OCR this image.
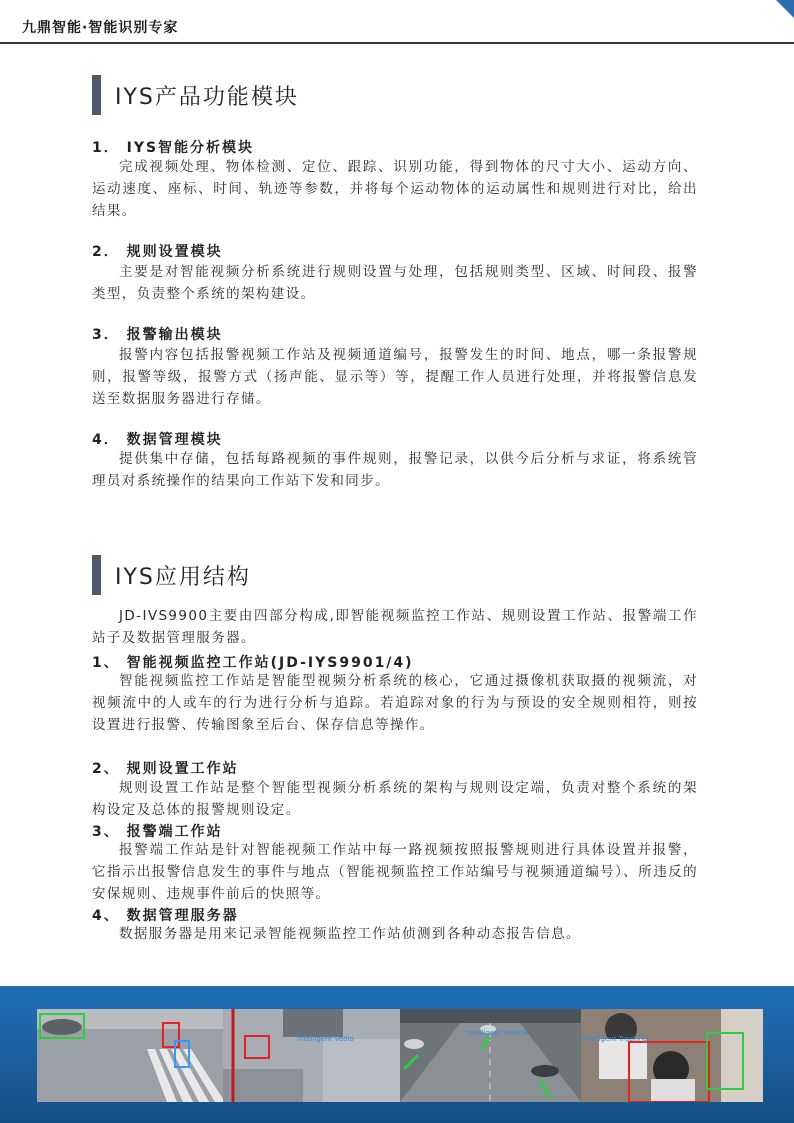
九鼎智能·智能识别专家
IYS产品功能模块
1． IYS智能分析模块

完成视频处理、物体检测、定位、跟踪、识别功能，得到物体的尺寸大小、运动方向、运动速度、座标、时间、轨迹等参数，并将每个运动物体的运动属性和规则进行对比，给出结果。

2． 规则设置模块

主要是对智能视频分析系统进行规则设置与处理，包括规则类型、区域、时间段、报警类型，负责整个系统的架构建设。

3． 报警输出模块

报警内容包括报警视频工作站及视频通道编号，报警发生的时间、地点，哪一条报警规则，报警等级，报警方式（扬声能、显示等）等，提醒工作人员进行处理，并将报警信息发送至数据服务器进行存储。

4． 数据管理模块

提供集中存储，包括每路视频的事件规则，报警记录，以供今后分析与求证，将系统管理员对系统操作的结果向工作站下发和同步。

IYS应用结构

JD-IVS9900主要由四部分构成,即智能视频监控工作站、规则设置工作站、报警端工作站子及数据管理服务器。

1、 智能视频监控工作站(JD-IYS9901/4)

智能视频监控工作站是智能型视频分析系统的核心，它通过摄像机获取摄的视频流，对视频流中的人或车的行为进行分析与追踪。若追踪对象的行为与预设的安全规则相符，则按设置进行报警、传输图象至后台、保存信息等操作。

2、 规则设置工作站

规则设置工作站是整个智能型视频分析系统的架构与规则设定端，负责对整个系统的架构设定及总体的报警规则设定。

3、 报警端工作站

报警端工作站是针对智能视频工作站中每一路视频按照报警规则进行具体设置并报警，它指示出报警信息发生的事件与地点（智能视频监控工作站编号与视频通道编号）、所违反的安保规则、违规事件前后的快照等。

4、 数据管理服务器

数据服务器是用来记录智能视频监控工作站侦测到各种动态报告信息。

Intelligent Vedio
Intelligent Vehicle
Intelligent Tracking
